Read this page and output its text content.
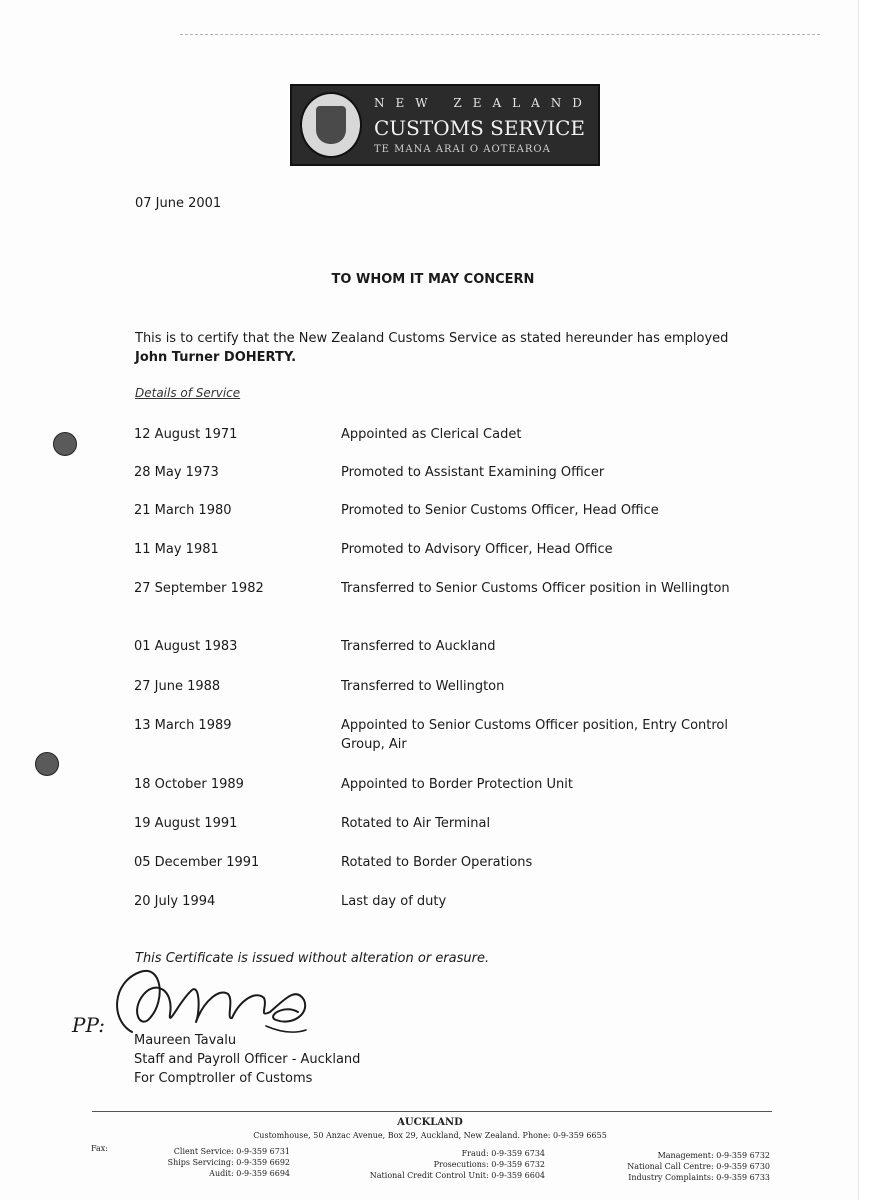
NEW ZEALAND
CUSTOMS SERVICE
TE MANA ARAI O AOTEAROA
07 June 2001
TO WHOM IT MAY CONCERN
This is to certify that the New Zealand Customs Service as stated hereunder has employed John Turner DOHERTY.
Details of Service
12 August 1971	Appointed as Clerical Cadet
28 May 1973	Promoted to Assistant Examining Officer
21 March 1980	Promoted to Senior Customs Officer, Head Office
11 May 1981	Promoted to Advisory Officer, Head Office
27 September 1982	Transferred to Senior Customs Officer position in Wellington
01 August 1983	Transferred to Auckland
27 June 1988	Transferred to Wellington
13 March 1989	Appointed to Senior Customs Officer position, Entry Control Group, Air
18 October 1989	Appointed to Border Protection Unit
19 August 1991	Rotated to Air Terminal
05 December 1991	Rotated to Border Operations
20 July 1994	Last day of duty
This Certificate is issued without alteration or erasure.
PP:
Maureen Tavalu
Staff and Payroll Officer - Auckland
For Comptroller of Customs
AUCKLAND
Customhouse, 50 Anzac Avenue, Box 29, Auckland, New Zealand. Phone: 0-9-359 6655
Fax:	Client Service: 0-9-359 6731
Ships Servicing: 0-9-359 6692
Audit: 0-9-359 6694
Fraud: 0-9-359 6734
Prosecutions: 0-9-359 6732
National Credit Control Unit: 0-9-359 6604
Management: 0-9-359 6732
National Call Centre: 0-9-359 6730
Industry Complaints: 0-9-359 6733
